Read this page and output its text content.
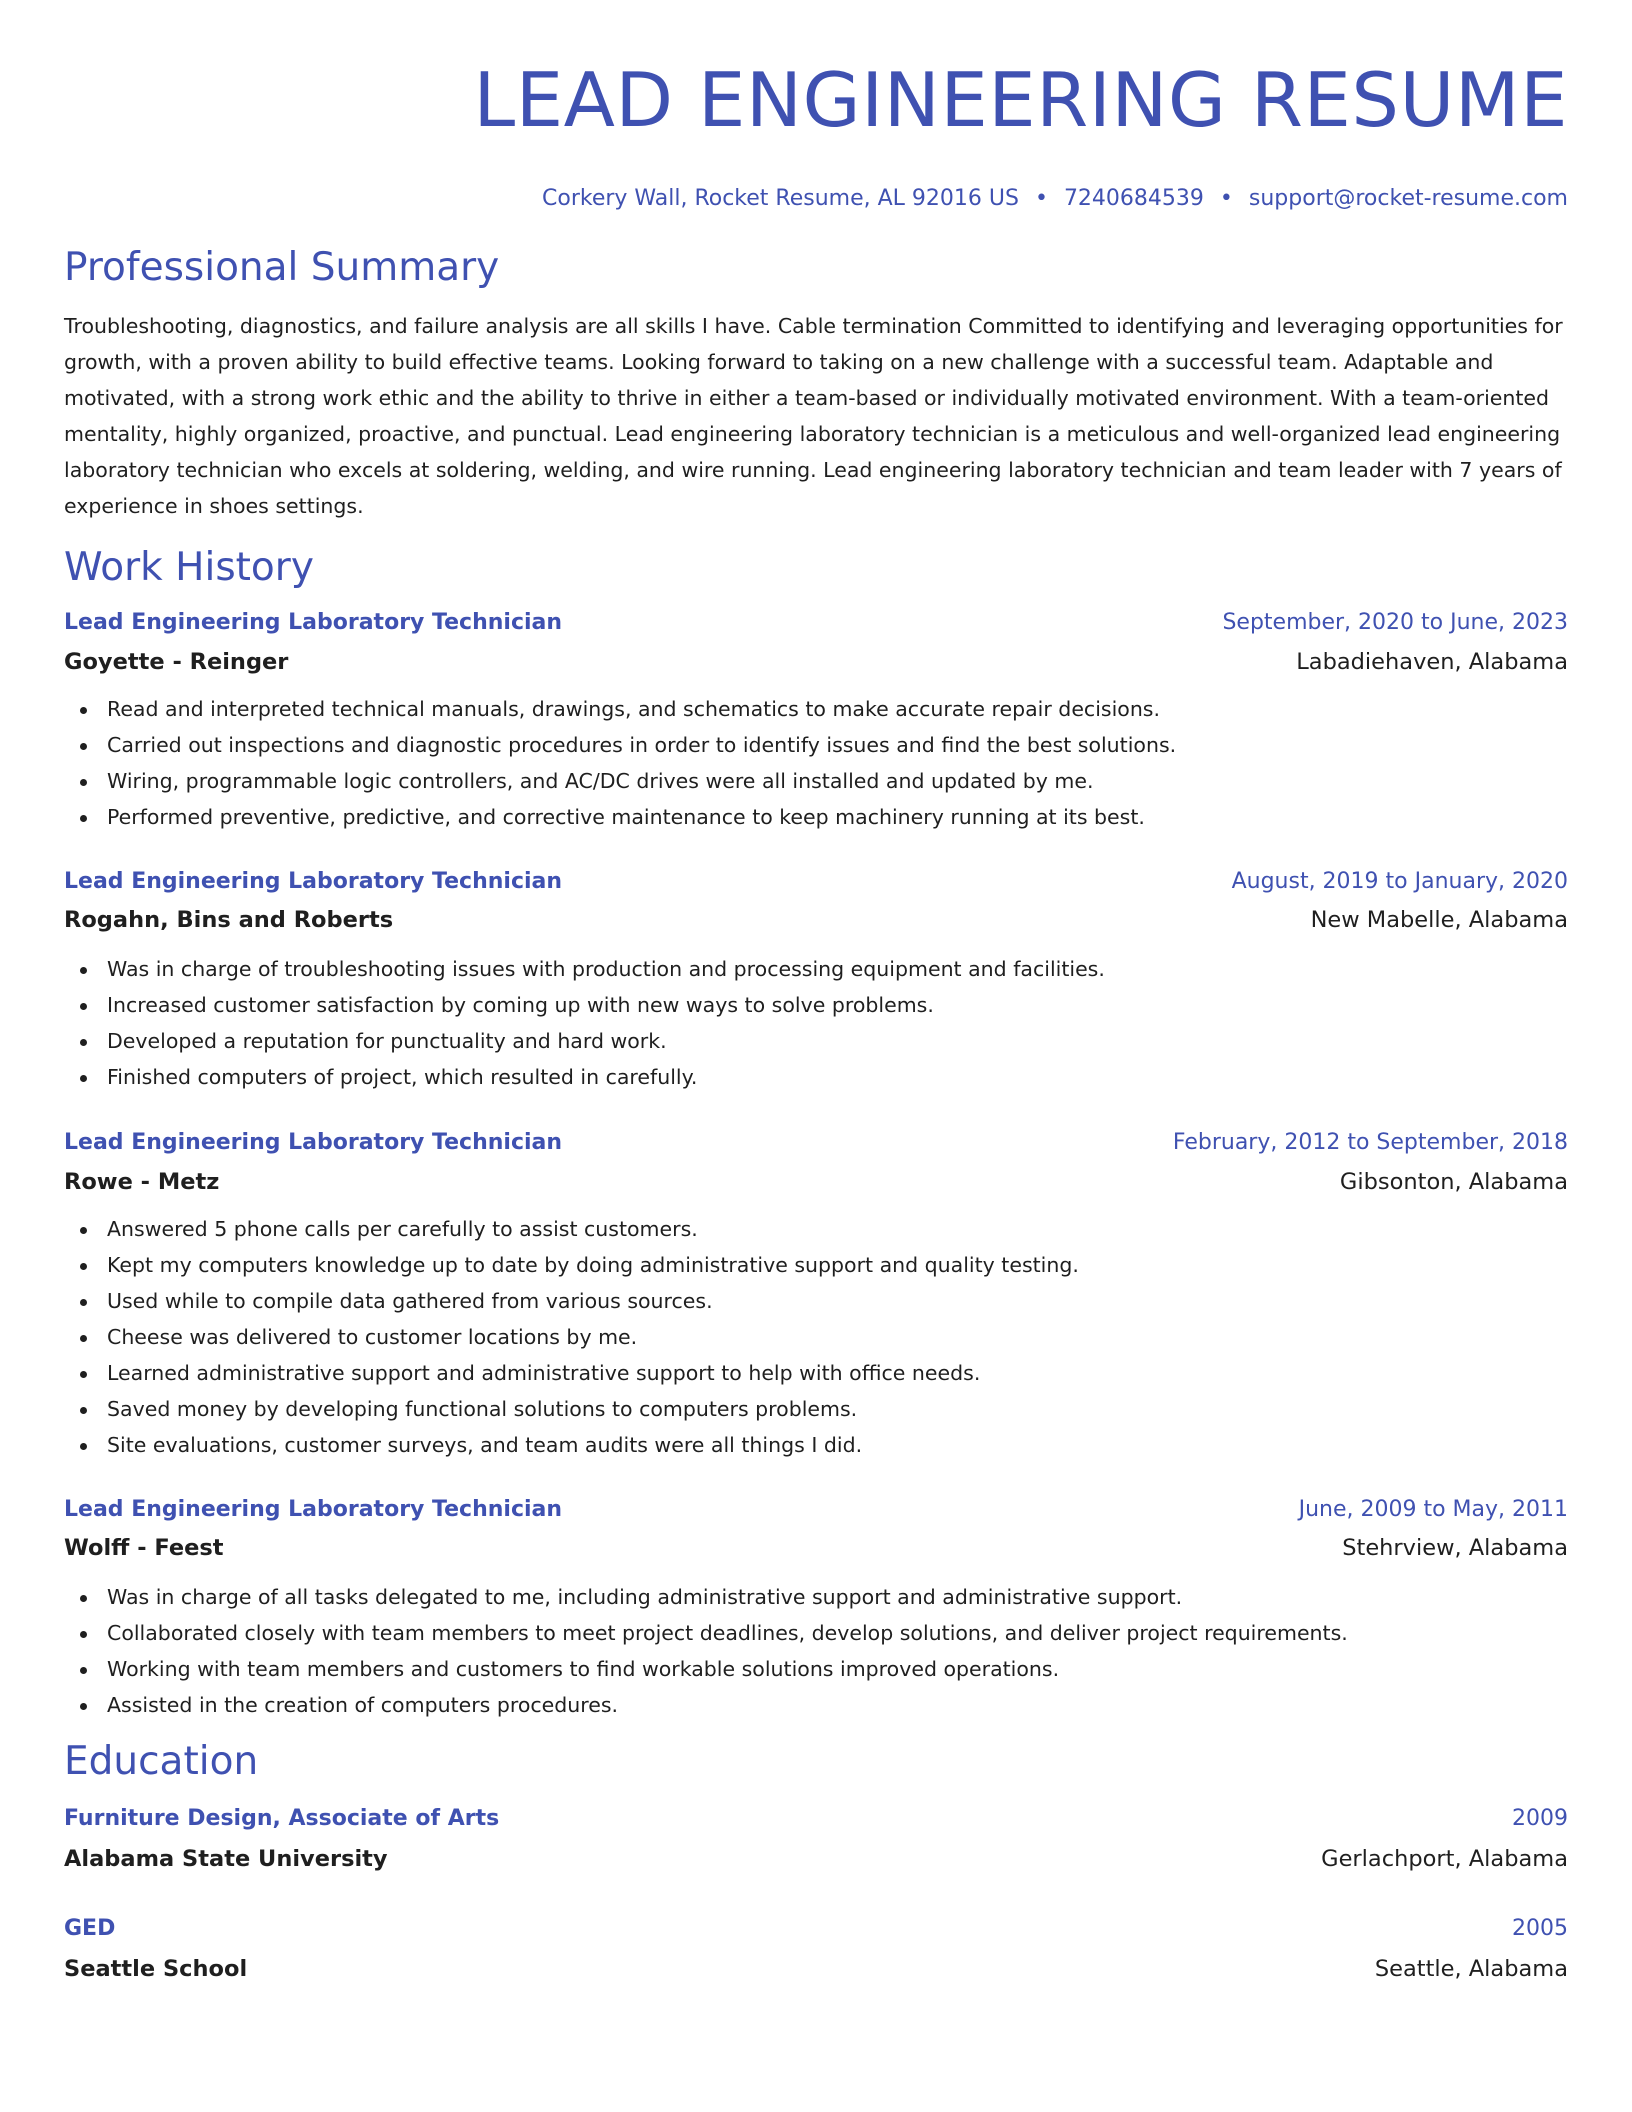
LEAD ENGINEERING RESUME
Corkery Wall, Rocket Resume, AL 92016 US • 7240684539 • support@rocket-resume.com
Professional Summary

Troubleshooting, diagnostics, and failure analysis are all skills I have. Cable termination Committed to identifying and leveraging opportunities for growth, with a proven ability to build effective teams. Looking forward to taking on a new challenge with a successful team. Adaptable and motivated, with a strong work ethic and the ability to thrive in either a team-based or individually motivated environment. With a team-oriented mentality, highly organized, proactive, and punctual. Lead engineering laboratory technician is a meticulous and well-organized lead engineering laboratory technician who excels at soldering, welding, and wire running. Lead engineering laboratory technician and team leader with 7 years of experience in shoes settings.

Work History
Lead Engineering Laboratory Technician	September, 2020 to June, 2023
Goyette - Reinger	Labadiehaven, Alabama
Read and interpreted technical manuals, drawings, and schematics to make accurate repair decisions.
Carried out inspections and diagnostic procedures in order to identify issues and find the best solutions.
Wiring, programmable logic controllers, and AC/DC drives were all installed and updated by me.
Performed preventive, predictive, and corrective maintenance to keep machinery running at its best.
Lead Engineering Laboratory Technician	August, 2019 to January, 2020
Rogahn, Bins and Roberts	New Mabelle, Alabama
Was in charge of troubleshooting issues with production and processing equipment and facilities.
Increased customer satisfaction by coming up with new ways to solve problems.
Developed a reputation for punctuality and hard work.
Finished computers of project, which resulted in carefully.
Lead Engineering Laboratory Technician	February, 2012 to September, 2018
Rowe - Metz	Gibsonton, Alabama
Answered 5 phone calls per carefully to assist customers.
Kept my computers knowledge up to date by doing administrative support and quality testing.
Used while to compile data gathered from various sources.
Cheese was delivered to customer locations by me.
Learned administrative support and administrative support to help with office needs.
Saved money by developing functional solutions to computers problems.
Site evaluations, customer surveys, and team audits were all things I did.
Lead Engineering Laboratory Technician	June, 2009 to May, 2011
Wolff - Feest	Stehrview, Alabama
Was in charge of all tasks delegated to me, including administrative support and administrative support.
Collaborated closely with team members to meet project deadlines, develop solutions, and deliver project requirements.
Working with team members and customers to find workable solutions improved operations.
Assisted in the creation of computers procedures.
Education
Furniture Design, Associate of Arts	2009
Alabama State University	Gerlachport, Alabama
GED	2005
Seattle School	Seattle, Alabama
